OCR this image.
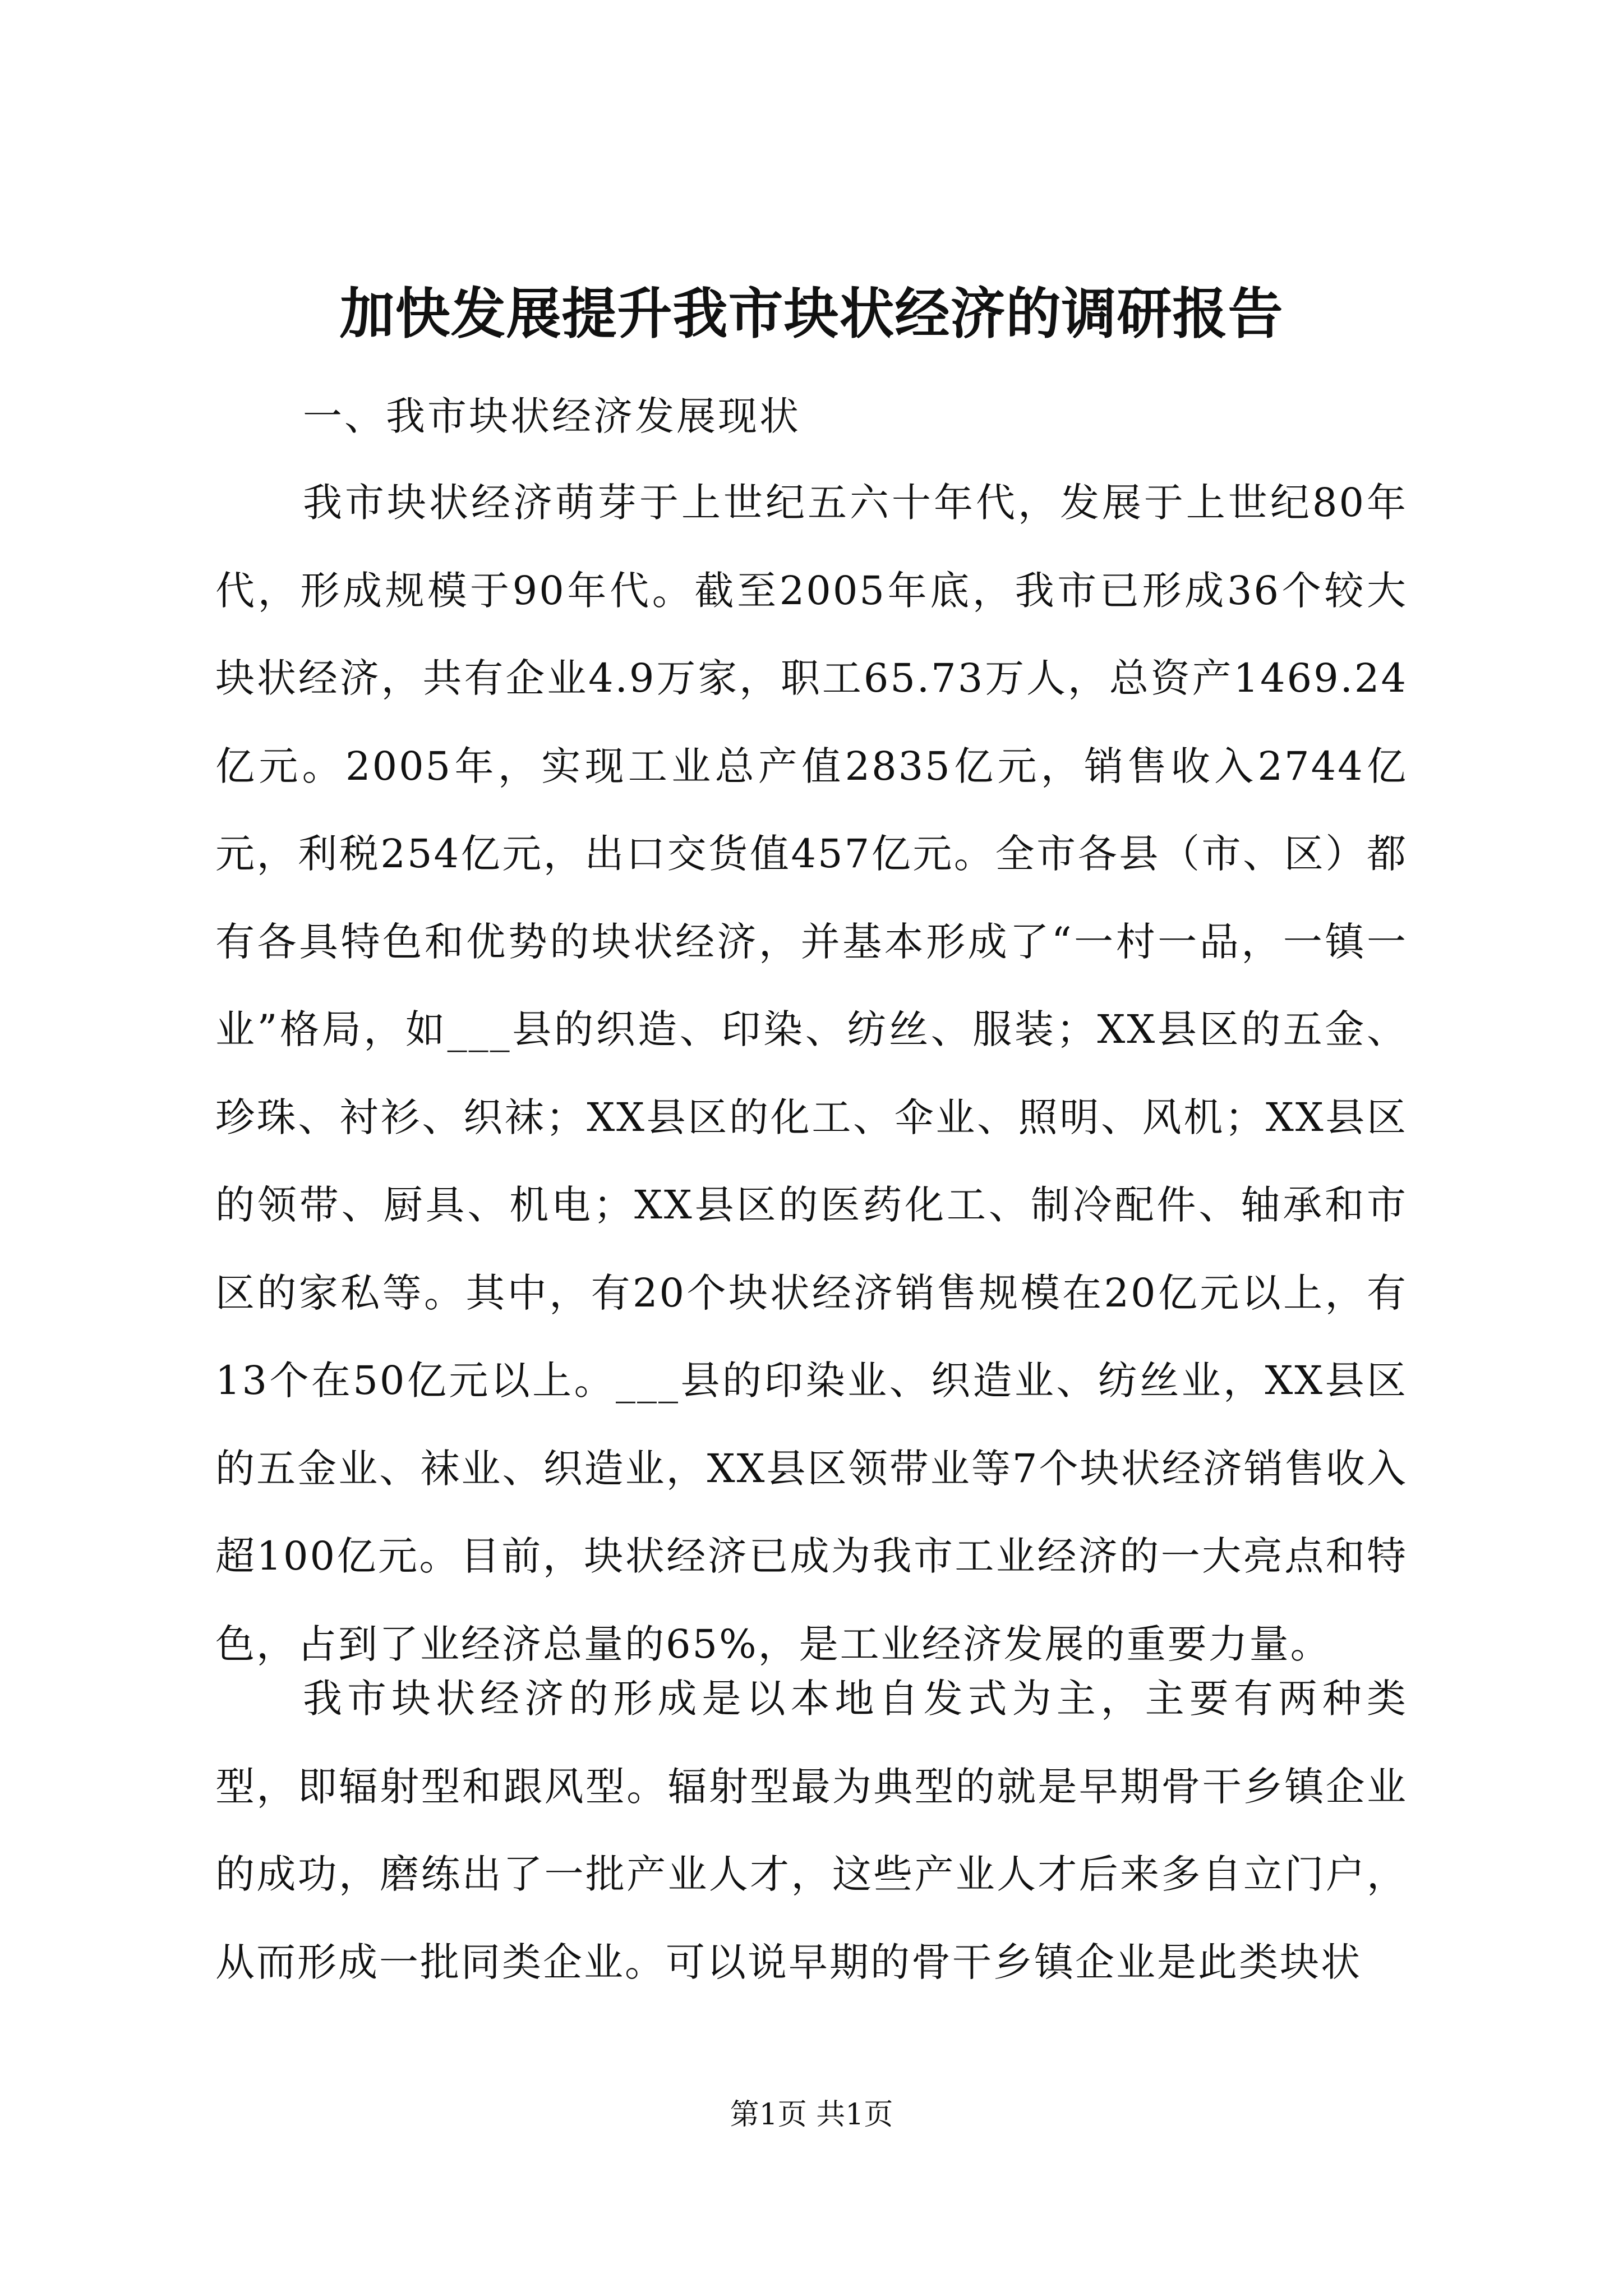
加快发展提升我市块状经济的调研报告
一、我市块状经济发展现状

我市块状经济萌芽于上世纪五六十年代，发展于上世纪80年代，形成规模于90年代。截至2005年底，我市已形成36个较大块状经济，共有企业4.9万家，职工65.73万人，总资产1469.24亿元。2005年，实现工业总产值2835亿元，销售收入2744亿元，利税254亿元，出口交货值457亿元。全市各县（市、区）都有各具特色和优势的块状经济，并基本形成了“一村一品，一镇一业”格局，如___县的织造、印染、纺丝、服装；XX县区的五金、珍珠、衬衫、织袜；XX县区的化工、伞业、照明、风机；XX县区的领带、厨具、机电；XX县区的医药化工、制冷配件、轴承和市区的家私等。其中，有20个块状经济销售规模在20亿元以上，有13个在50亿元以上。___县的印染业、织造业、纺丝业，XX县区的五金业、袜业、织造业，XX县区领带业等7个块状经济销售收入超100亿元。目前，块状经济已成为我市工业经济的一大亮点和特色，占到了业经济总量的65%，是工业经济发展的重要力量。

我市块状经济的形成是以本地自发式为主，主要有两种类型，即辐射型和跟风型。辐射型最为典型的就是早期骨干乡镇企业的成功，磨练出了一批产业人才，这些产业人才后来多自立门户，从而形成一批同类企业。可以说早期的骨干乡镇企业是此类块状

第1页 共1页
